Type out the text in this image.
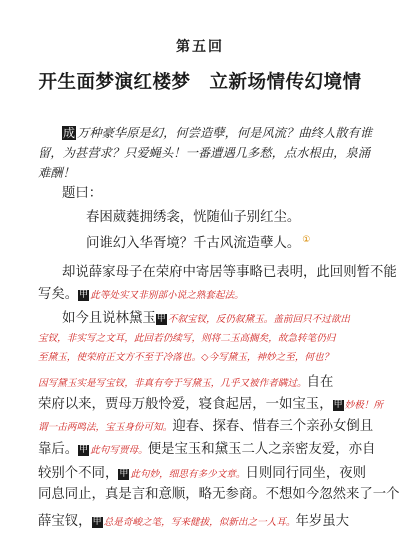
第五回
开生面梦演红楼梦　立新场情传幻境情
成 万种豪华原是幻，何尝造孽，何是风流？曲终人散有谁
留，为甚营求？只爱蝇头！一番遭遇几多愁，点水根由，泉涌
难酬！
题曰：
春困葳蕤拥绣衾，恍随仙子别红尘。
问谁幻入华胥境？千古风流造孽人。 ①
却说薛家母子在荣府中寄居等事略已表明，此回则暂不能
写矣。甲 此等处实又非别部小说之熟套起法。
如今且说林黛玉甲 不叙宝钗，反仍叙黛玉。盖前回只不过欲出
宝钗，非实写之文耳，此回若仍续写，则将二玉高搁矣，故急转笔仍归
至黛玉，使荣府正文方不至于冷落也。◇今写黛玉，神妙之至，何也？
因写黛玉实是写宝钗，非真有夸于写黛玉，几乎又被作者瞒过。自在
荣府以来，贾母万般怜爱，寝食起居，一如宝玉，甲 妙极！所
谓一击两鸣法，宝玉身份可知。迎春、探春、惜春三个亲孙女倒且
靠后。甲 此句写贾母。便是宝玉和黛玉二人之亲密友爱，亦自
较别个不同，甲 此句妙，细思有多少文章。日则同行同坐，夜则
同息同止，真是言和意顺，略无参商。不想如今忽然来了一个
薛宝钗，甲 总是奇峻之笔，写来健拔，似新出之一人耳。年岁虽大
